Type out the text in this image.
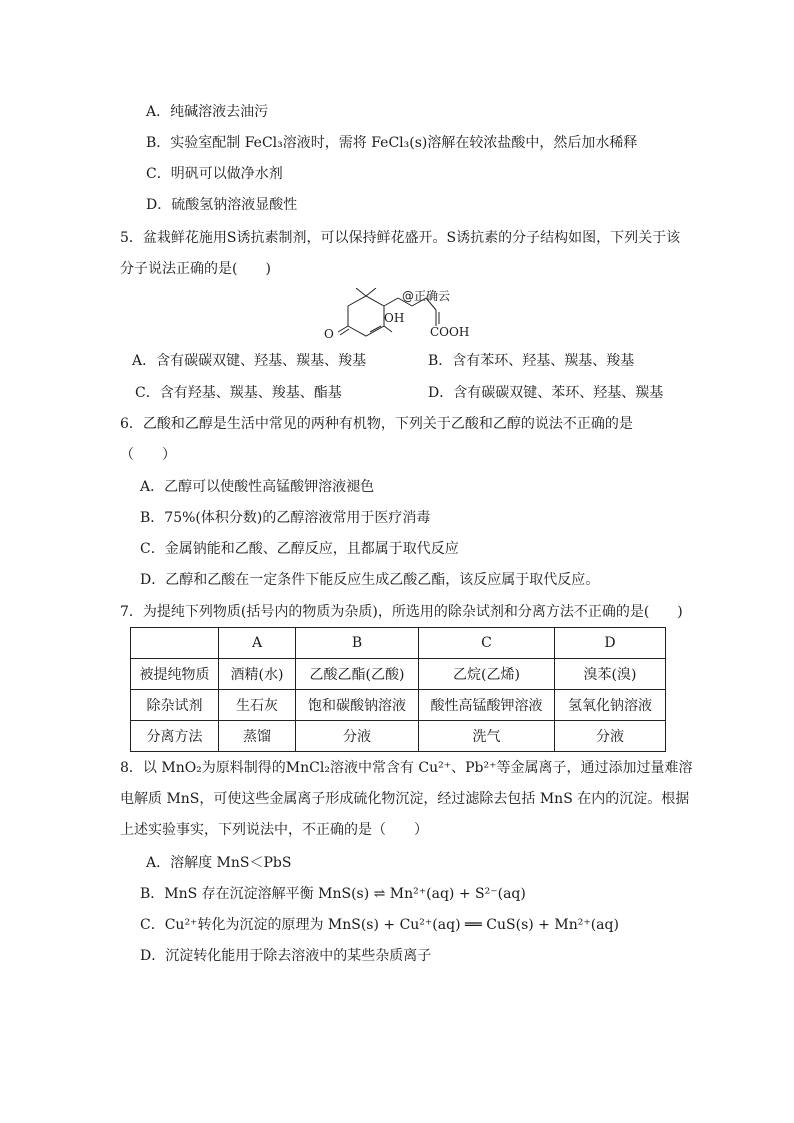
A．纯碱溶液去油污
B．实验室配制 FeCl₃溶液时，需将 FeCl₃(s)溶解在较浓盐酸中，然后加水稀释
C．明矾可以做净水剂
D．硫酸氢钠溶液显酸性
5．盆栽鲜花施用S诱抗素制剂，可以保持鲜花盛开。S诱抗素的分子结构如图，下列关于该
分子说法正确的是(　　)
@正确云
OH
COOH
O
A．含有碳碳双键、羟基、羰基、羧基	B．含有苯环、羟基、羰基、羧基
C．含有羟基、羰基、羧基、酯基	D．含有碳碳双键、苯环、羟基、羰基
6．乙酸和乙醇是生活中常见的两种有机物，下列关于乙酸和乙醇的说法不正确的是
（　　）
A．乙醇可以使酸性高锰酸钾溶液褪色
B．75%(体积分数)的乙醇溶液常用于医疗消毒
C．金属钠能和乙酸、乙醇反应，且都属于取代反应
D．乙醇和乙酸在一定条件下能反应生成乙酸乙酯，该反应属于取代反应。
7．为提纯下列物质(括号内的物质为杂质)，所选用的除杂试剂和分离方法不正确的是(　　)
	A	B	C	D
被提纯物质	酒精(水)	乙酸乙酯(乙酸)	乙烷(乙烯)	溴苯(溴)
除杂试剂	生石灰	饱和碳酸钠溶液	酸性高锰酸钾溶液	氢氧化钠溶液
分离方法	蒸馏	分液	洗气	分液
8．以 MnO₂为原料制得的MnCl₂溶液中常含有 Cu²⁺、Pb²⁺等金属离子，通过添加过量难溶
电解质 MnS，可使这些金属离子形成硫化物沉淀，经过滤除去包括 MnS 在内的沉淀。根据
上述实验事实，下列说法中，不正确的是（　　）
A．溶解度 MnS＜PbS
B．MnS 存在沉淀溶解平衡 MnS(s) ⇌ Mn²⁺(aq) + S²⁻(aq)
C．Cu²⁺转化为沉淀的原理为 MnS(s) + Cu²⁺(aq) ══ CuS(s) + Mn²⁺(aq)
D．沉淀转化能用于除去溶液中的某些杂质离子
